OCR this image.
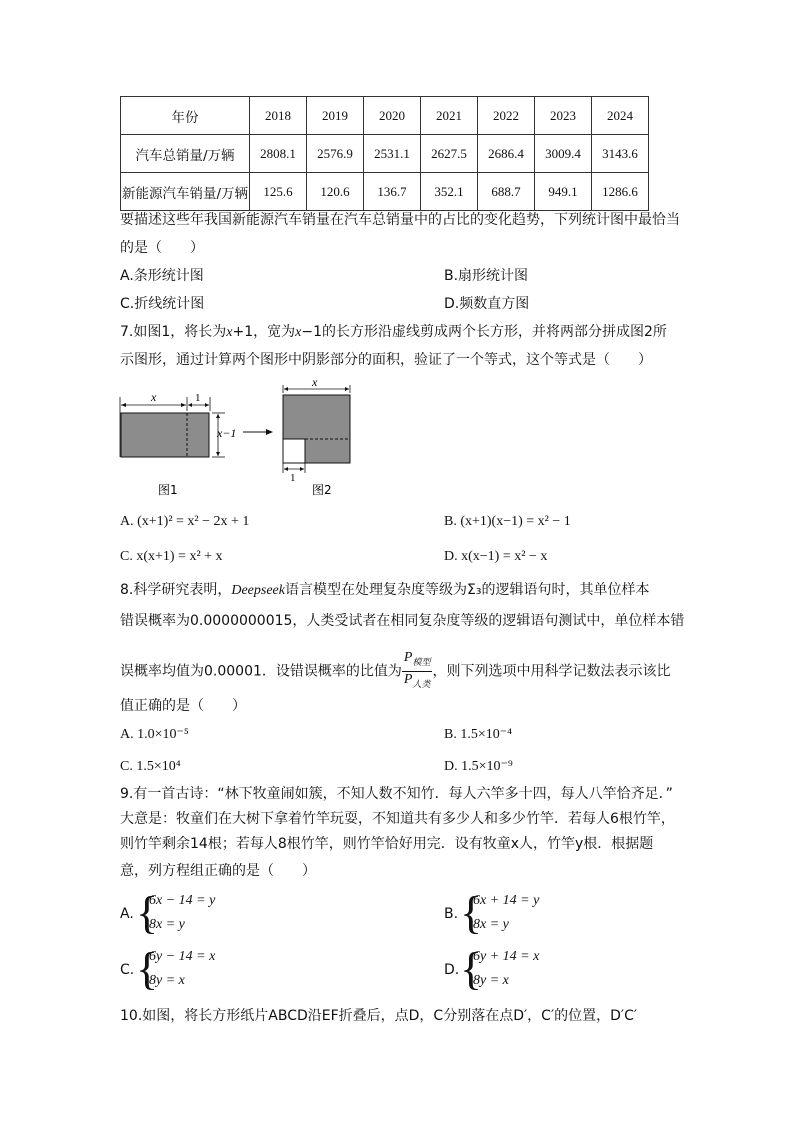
年份	2018	2019	2020	2021	2022	2023	2024
汽车总销量/万辆	2808.1	2576.9	2531.1	2627.5	2686.4	3009.4	3143.6
新能源汽车销量/万辆	125.6	120.6	136.7	352.1	688.7	949.1	1286.6
要描述这些年我国新能源汽车销量在汽车总销量中的占比的变化趋势，下列统计图中最恰当
的是（　　）
A.条形统计图	B.扇形统计图
C.折线统计图	D.频数直方图
7.如图1，将长为x+1，宽为x−1的长方形沿虚线剪成两个长方形，并将两部分拼成图2所
示图形，通过计算两个图形中阴影部分的面积，验证了一个等式，这个等式是（　　）
x	1
x−1
图1
x
1
图2
A. (x+1)² = x² − 2x + 1	B. (x+1)(x−1) = x² − 1
C. x(x+1) = x² + x	D. x(x−1) = x² − x
8.科学研究表明，Deepseek语言模型在处理复杂度等级为Σ₃的逻辑语句时，其单位样本
错误概率为0.0000000015，人类受试者在相同复杂度等级的逻辑语句测试中，单位样本错
误概率均值为0.00001．设错误概率的比值为 $\frac{P_{模型}}{P_{人类}}$ ，则下列选项中用科学记数法表示该比
值正确的是（　　）
A. 1.0×10⁻⁵	B. 1.5×10⁻⁴
C. 1.5×10⁴	D. 1.5×10⁻⁹
9.有一首古诗：“林下牧童闹如簇，不知人数不知竹．每人六竿多十四，每人八竿恰齐足．”
大意是：牧童们在大树下拿着竹竿玩耍，不知道共有多少人和多少竹竿．若每人6根竹竿，
则竹竿剩余14根；若每人8根竹竿，则竹竿恰好用完．设有牧童x人，竹竿y根．根据题
意，列方程组正确的是（　　）
A. {
6x − 14 = y
8x = y
B. {
6x + 14 = y
8x = y
C. {
6y − 14 = x
8y = x
D. {
6y + 14 = x
8y = x
10.如图，将长方形纸片ABCD沿EF折叠后，点D，C分别落在点D′，C′的位置，D′C′
